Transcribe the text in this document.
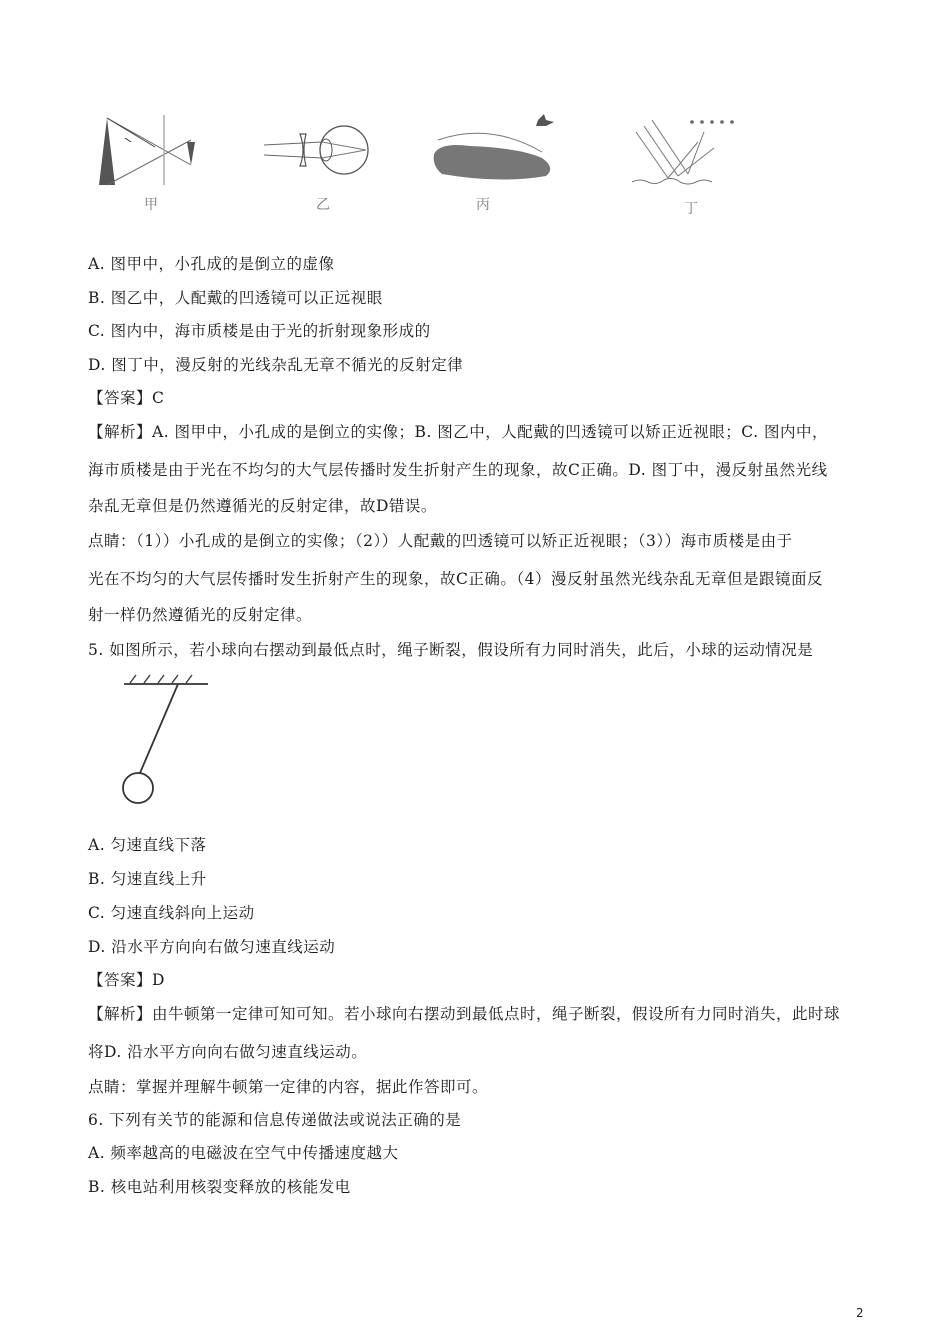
甲	乙	丙	丁
A. 图甲中，小孔成的是倒立的虚像
B. 图乙中，人配戴的凹透镜可以正远视眼
C. 图内中，海市质楼是由于光的折射现象形成的
D. 图丁中，漫反射的光线杂乱无章不循光的反射定律
【答案】C
【解析】A. 图甲中，小孔成的是倒立的实像；B. 图乙中，人配戴的凹透镜可以矫正近视眼；C. 图内中，
海市质楼是由于光在不均匀的大气层传播时发生折射产生的现象，故C正确。D. 图丁中，漫反射虽然光线
杂乱无章但是仍然遵循光的反射定律，故D错误。
点睛：（1））小孔成的是倒立的实像；（2））人配戴的凹透镜可以矫正近视眼；（3））海市质楼是由于
光在不均匀的大气层传播时发生折射产生的现象，故C正确。（4）漫反射虽然光线杂乱无章但是跟镜面反
射一样仍然遵循光的反射定律。
5. 如图所示，若小球向右摆动到最低点时，绳子断裂，假设所有力同时消失，此后，小球的运动情况是
A. 匀速直线下落
B. 匀速直线上升
C. 匀速直线斜向上运动
D. 沿水平方向向右做匀速直线运动
【答案】D
【解析】由牛顿第一定律可知可知。若小球向右摆动到最低点时，绳子断裂，假设所有力同时消失，此时球
将D. 沿水平方向向右做匀速直线运动。
点睛：掌握并理解牛顿第一定律的内容，据此作答即可。
6. 下列有关节的能源和信息传递做法或说法正确的是
A. 频率越高的电磁波在空气中传播速度越大
B. 核电站利用核裂变释放的核能发电
2
